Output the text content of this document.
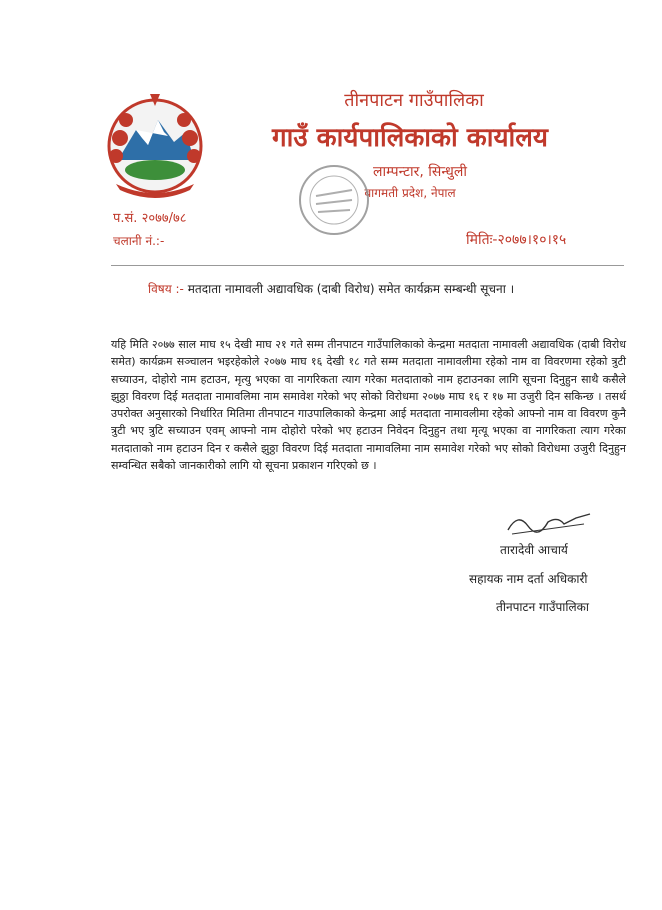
तीनपाटन गाउँपालिका
गाउँ कार्यपालिकाको कार्यालय
लाम्पन्टार, सिन्धुली
बागमती प्रदेश, नेपाल
प.सं. २०७७/७८
चलानी नं.:-	मितिः-२०७७।१०।१५
विषय :- मतदाता नामावली अद्यावधिक (दाबी विरोध) समेत कार्यक्रम सम्बन्धी सूचना ।
यहि मिति २०७७ साल माघ १५ देखी माघ २१ गते सम्म तीनपाटन गाउँपालिकाको केन्द्रमा मतदाता नामावली अद्यावधिक (दाबी विरोध समेत) कार्यक्रम सञ्चालन भइरहेकोले २०७७ माघ १६ देखी १८ गते सम्म मतदाता नामावलीमा रहेको नाम वा विवरणमा रहेको त्रुटी सच्याउन, दोहोरो नाम हटाउन, मृत्यु भएका वा नागरिकता त्याग गरेका मतदाताको नाम हटाउनका लागि सूचना दिनुहुन साथै कसैले झुठ्ठा विवरण दिई मतदाता नामावलिमा नाम समावेश गरेको भए सोको विरोधमा २०७७ माघ १६ र १७ मा उजुरी दिन सकिन्छ । तसर्थ उपरोक्त अनुसारको निर्धारित मितिमा तीनपाटन गाउपालिकाको केन्द्रमा आई मतदाता नामावलीमा रहेको आफ्नो नाम वा विवरण कुनै त्रुटी भए त्रुटि सच्याउन एवम् आफ्नो नाम दोहोरो परेको भए हटाउन निवेदन दिनुहुन तथा मृत्यू भएका वा नागरिकता त्याग गरेका मतदाताको नाम हटाउन दिन र कसैले झुठ्ठा विवरण दिई मतदाता नामावलिमा नाम समावेश गरेको भए सोको विरोधमा उजुरी दिनुहुन सम्वन्धित सबैको जानकारीको लागि यो सूचना प्रकाशन गरिएको छ ।
तारादेवी आचार्य
सहायक नाम दर्ता अधिकारी
तीनपाटन गाउँपालिका
